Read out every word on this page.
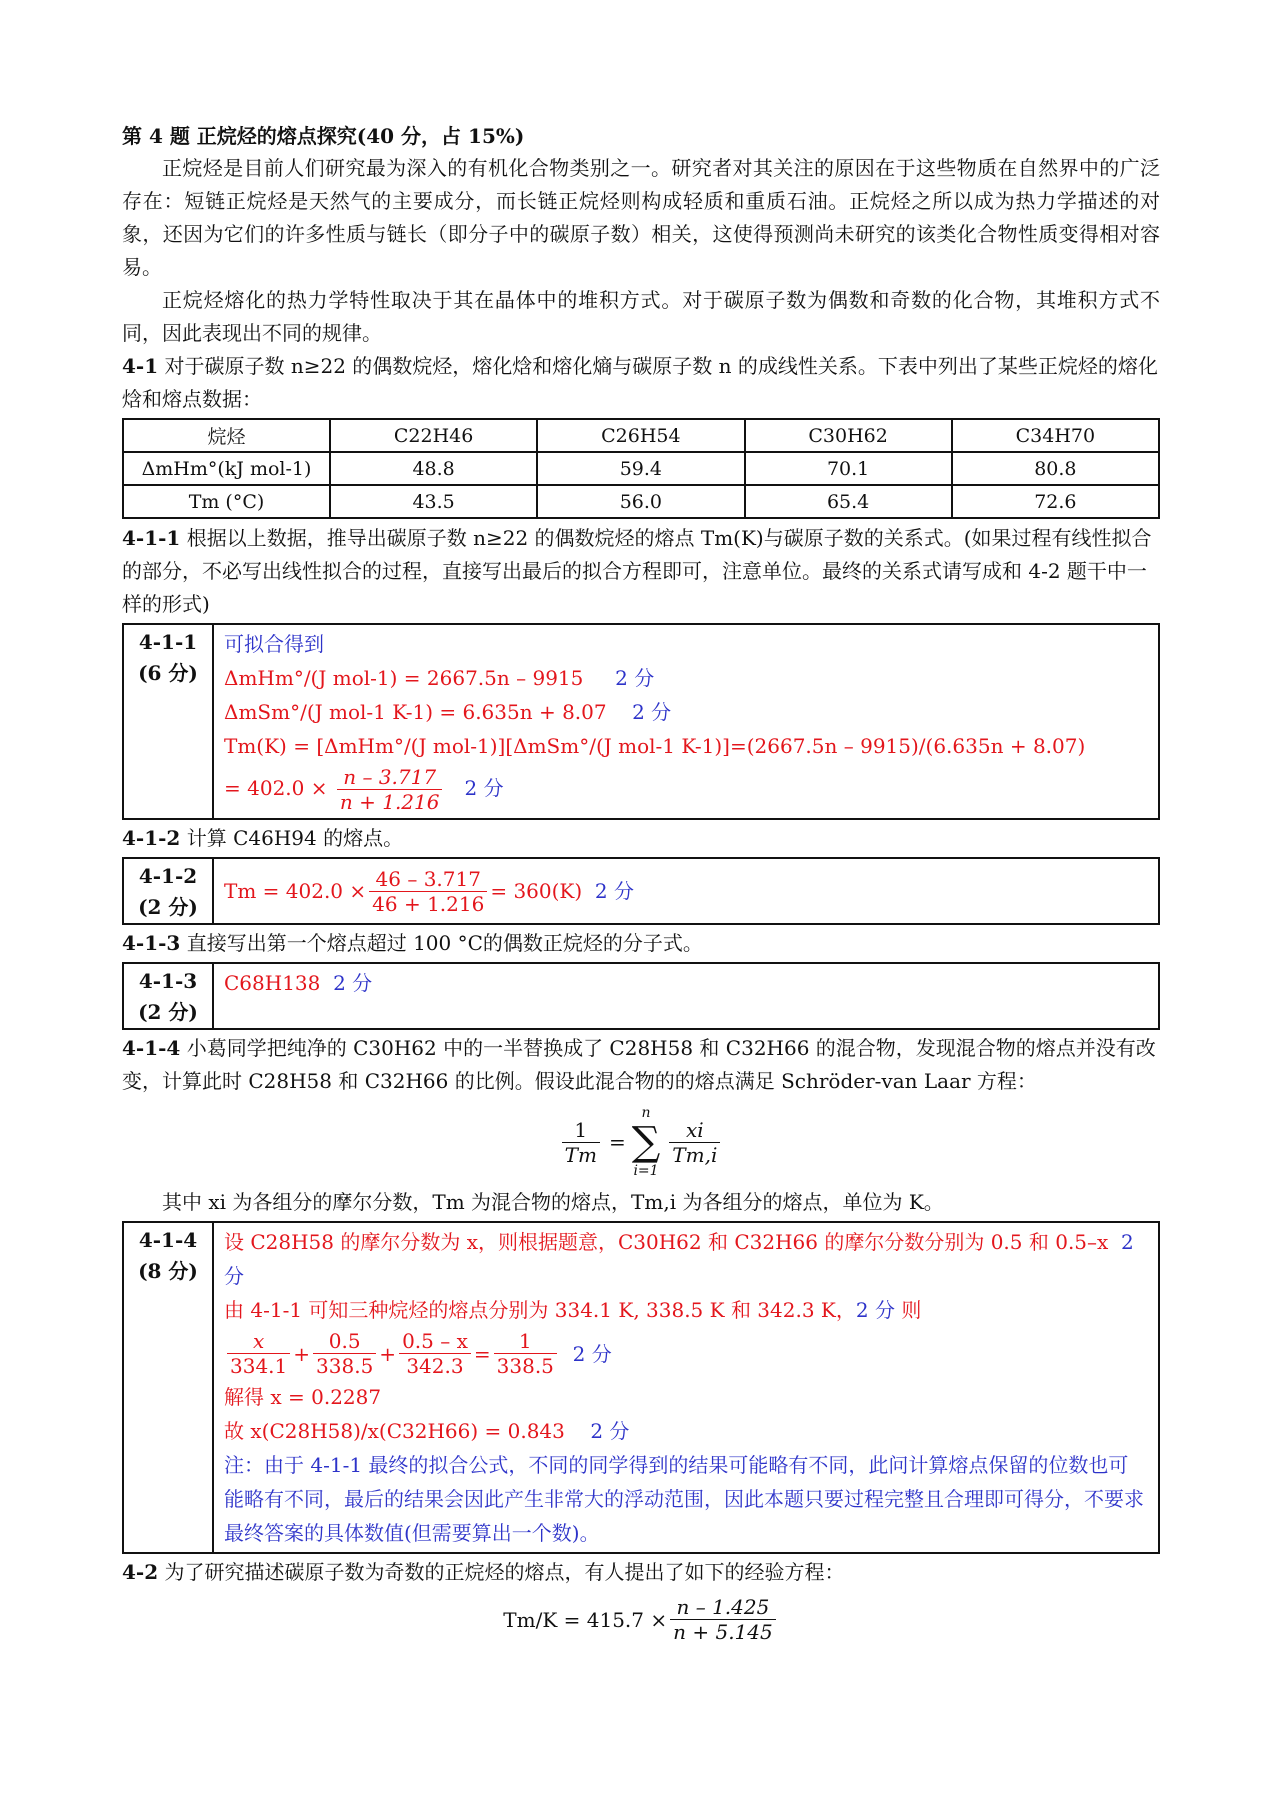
第 4 题 正烷烃的熔点探究(40 分，占 15%)

正烷烃是目前人们研究最为深入的有机化合物类别之一。研究者对其关注的原因在于这些物质在自然界中的广泛存在：短链正烷烃是天然气的主要成分，而长链正烷烃则构成轻质和重质石油。正烷烃之所以成为热力学描述的对象，还因为它们的许多性质与链长（即分子中的碳原子数）相关，这使得预测尚未研究的该类化合物性质变得相对容易。

正烷烃熔化的热力学特性取决于其在晶体中的堆积方式。对于碳原子数为偶数和奇数的化合物，其堆积方式不同，因此表现出不同的规律。

4-1 对于碳原子数 n≥22 的偶数烷烃，熔化焓和熔化熵与碳原子数 n 的成线性关系。下表中列出了某些正烷烃的熔化焓和熔点数据：

烷烃	C22H46	C26H54	C30H62	C34H70
ΔmHm°(kJ mol-1)	48.8	59.4	70.1	80.8
Tm (°C)	43.5	56.0	65.4	72.6

4-1-1 根据以上数据，推导出碳原子数 n≥22 的偶数烷烃的熔点 Tm(K)与碳原子数的关系式。(如果过程有线性拟合的部分，不必写出线性拟合的过程，直接写出最后的拟合方程即可，注意单位。最终的关系式请写成和 4-2 题干中一样的形式)

4-1-1
(6 分)
可拟合得到
ΔmHm°/(J mol-1) = 2667.5n – 9915 2 分
ΔmSm°/(J mol-1 K-1) = 6.635n + 8.07 2 分
Tm(K) = [ΔmHm°/(J mol-1)][ΔmSm°/(J mol-1 K-1)]=(2667.5n – 9915)/(6.635n + 8.07)
= $402.0 \times \frac{n - 3.717}{n + 1.216} 2$ 分

4-1-2 计算 C46H94 的熔点。

4-1-2
(2 分)
$Tm = 402.0 \times \frac{46 - 3.717}{46 + 1.216} = 360(K)$
2 分

4-1-3 直接写出第一个熔点超过 100 °C的偶数正烷烃的分子式。

4-1-3
(2 分)
C68H138 2 分

4-1-4 小葛同学把纯净的 C30H62 中的一半替换成了 C28H58 和 C32H66 的混合物，发现混合物的熔点并没有改变，计算此时 C28H58 和 C32H66 的比例。假设此混合物的的熔点满足 Schröder-van Laar 方程：

$\frac{1}{Tm}$ =
n
∑
i=1
$\frac{xi}{Tm,i}$

其中 xi 为各组分的摩尔分数，Tm 为混合物的熔点，Tm,i 为各组分的熔点，单位为 K。

4-1-4
(8 分)
设 C28H58 的摩尔分数为 x，则根据题意，C30H62 和 C32H66 的摩尔分数分别为 0.5 和 0.5–x 2 分
由 4-1-1 可知三种烷烃的熔点分别为 334.1 K, 338.5 K 和 342.3 K，2 分 则
$\frac{x}{334.1} + \frac{0.5}{338.5} + \frac{0.5 - x}{342.3} = \frac{1}{338.5}$
2 分
解得 x = 0.2287
故 x(C28H58)/x(C32H66) = 0.843 2 分
注：由于 4-1-1 最终的拟合公式，不同的同学得到的结果可能略有不同，此问计算熔点保留的位数也可能略有不同，最后的结果会因此产生非常大的浮动范围，因此本题只要过程完整且合理即可得分，不要求最终答案的具体数值(但需要算出一个数)。

4-2 为了研究描述碳原子数为奇数的正烷烃的熔点，有人提出了如下的经验方程：

$Tm/K = 415.7 \times \frac{n - 1.425}{n + 5.145}$
